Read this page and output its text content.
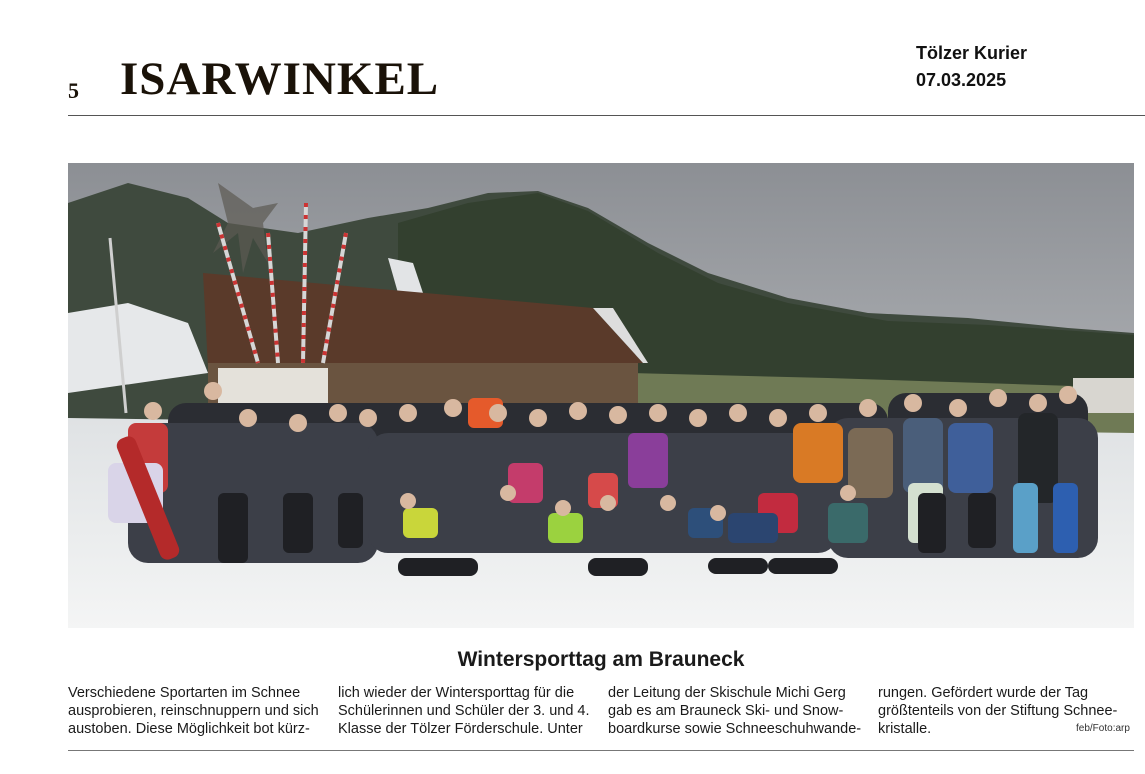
5 ISARWINKEL	Tölzer Kurier
07.03.2025
Wintersporttag am Brauneck
Verschiedene Sportarten im Schnee
ausprobieren, reinschnuppern und sich
austoben. Diese Möglichkeit bot kürz-
lich wieder der Wintersporttag für die
Schülerinnen und Schüler der 3. und 4.
Klasse der Tölzer Förderschule. Unter
der Leitung der Skischule Michi Gerg
gab es am Brauneck Ski- und Snow-
boardkurse sowie Schneeschuhwande-
rungen. Gefördert wurde der Tag
größtenteils von der Stiftung Schnee-
kristalle.	feb/Foto:arp
